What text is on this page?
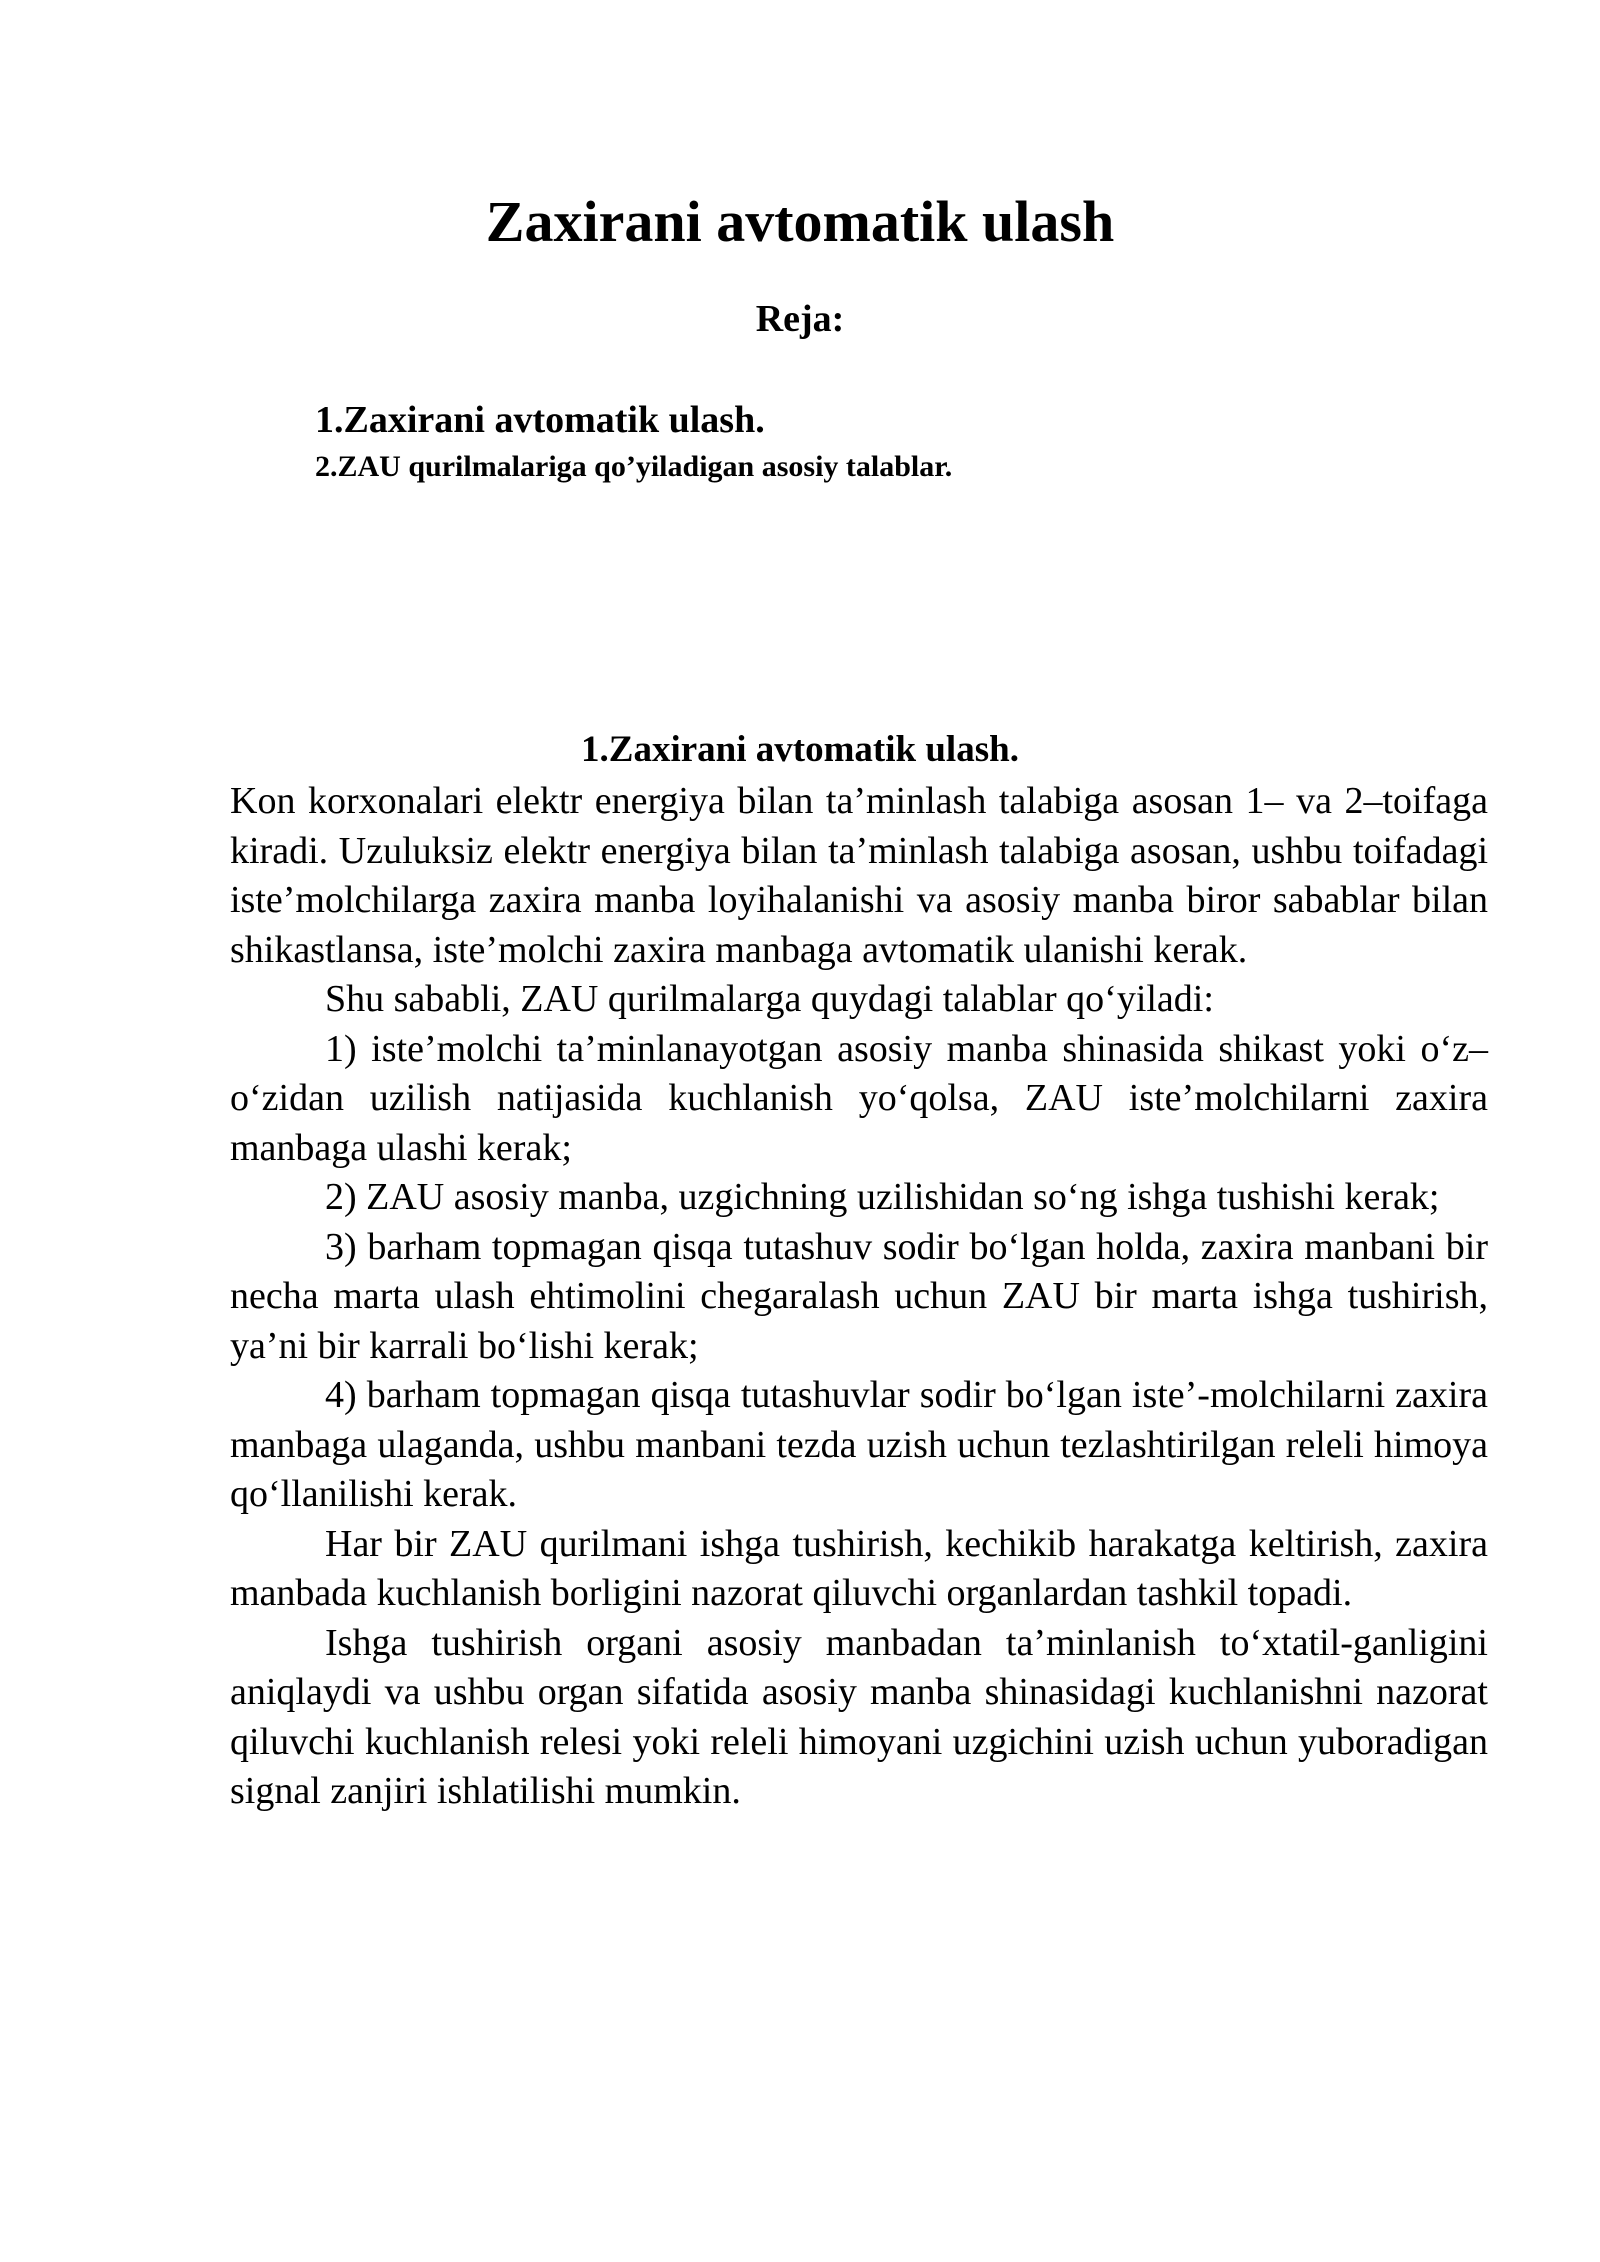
Zaxirani avtomatik ulash
Reja:
1.Zaxirani avtomatik ulash.
2.ZAU qurilmalariga qo’yiladigan asosiy talablar.
1.Zaxirani avtomatik ulash.

Kon korxonalari elektr energiya bilan ta’minlash talabiga asosan 1– va 2–toifaga kiradi. Uzuluksiz elektr energiya bilan ta’minlash talabiga asosan, ushbu toifadagi iste’molchilarga zaxira manba loyihalanishi va asosiy manba biror sabablar bilan shikastlansa, iste’molchi zaxira manbaga avtomatik ulanishi kerak.

Shu sababli, ZAU qurilmalarga quydagi talablar qo‘yiladi:

1) iste’molchi ta’minlanayotgan asosiy manba shinasida shikast yoki o‘z–o‘zidan uzilish natijasida kuchlanish yo‘qolsa, ZAU iste’molchilarni zaxira manbaga ulashi kerak;

2) ZAU asosiy manba, uzgichning uzilishidan so‘ng ishga tushishi kerak;

3) barham topmagan qisqa tutashuv sodir bo‘lgan holda, zaxira manbani bir necha marta ulash ehtimolini chegaralash uchun ZAU bir marta ishga tushirish, ya’ni bir karrali bo‘lishi kerak;

4) barham topmagan qisqa tutashuvlar sodir bo‘lgan iste’-molchilarni zaxira manbaga ulaganda, ushbu manbani tezda uzish uchun tezlashtirilgan releli himoya qo‘llanilishi kerak.

Har bir ZAU qurilmani ishga tushirish, kechikib harakatga keltirish, zaxira manbada kuchlanish borligini nazorat qiluvchi organlardan tashkil topadi.

Ishga tushirish organi asosiy manbadan ta’minlanish to‘xtatil-ganligini aniqlaydi va ushbu organ sifatida asosiy manba shinasidagi kuchlanishni nazorat qiluvchi kuchlanish relesi yoki releli himoyani uzgichini uzish uchun yuboradigan signal zanjiri ishlatilishi mumkin.
